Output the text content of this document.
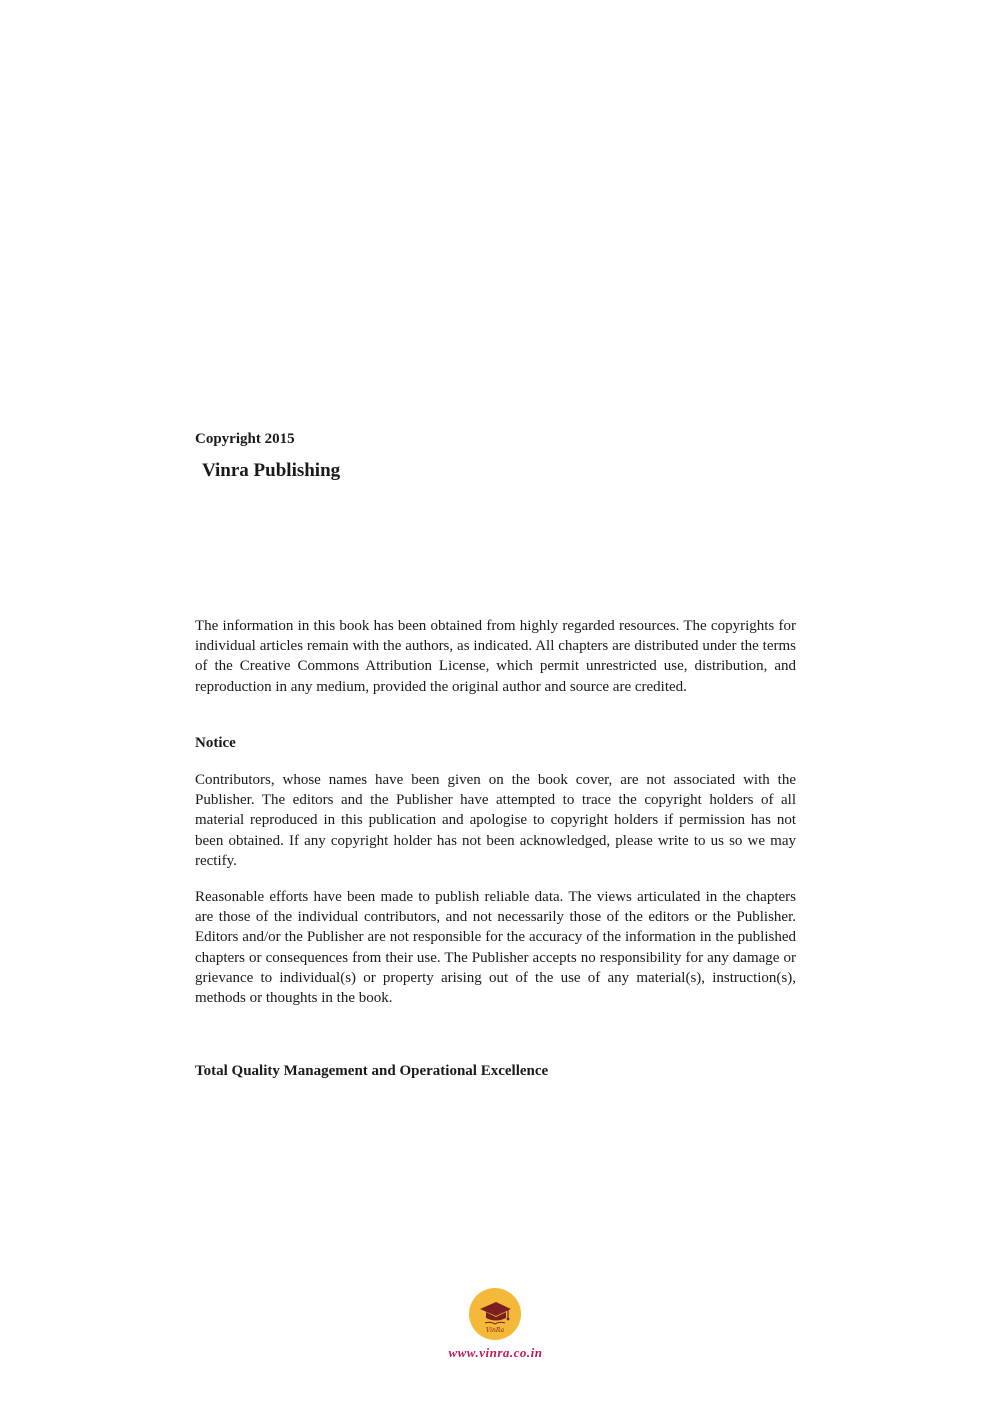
Copyright 2015
Vinra Publishing
The information in this book has been obtained from highly regarded resources. The copyrights for individual articles remain with the authors, as indicated. All chapters are distributed under the terms of the Creative Commons Attribution License, which permit unrestricted use, distribution, and reproduction in any medium, provided the original author and source are credited.
Notice
Contributors, whose names have been given on the book cover, are not associated with the Publisher. The editors and the Publisher have attempted to trace the copyright holders of all material reproduced in this publication and apologise to copyright holders if permission has not been obtained. If any copyright holder has not been acknowledged, please write to us so we may rectify.
Reasonable efforts have been made to publish reliable data. The views articulated in the chapters are those of the individual contributors, and not necessarily those of the editors or the Publisher. Editors and/or the Publisher are not responsible for the accuracy of the information in the published chapters or consequences from their use. The Publisher accepts no responsibility for any damage or grievance to individual(s) or property arising out of the use of any material(s), instruction(s), methods or thoughts in the book.
Total Quality Management and Operational Excellence
VinRa
www.vinra.co.in
